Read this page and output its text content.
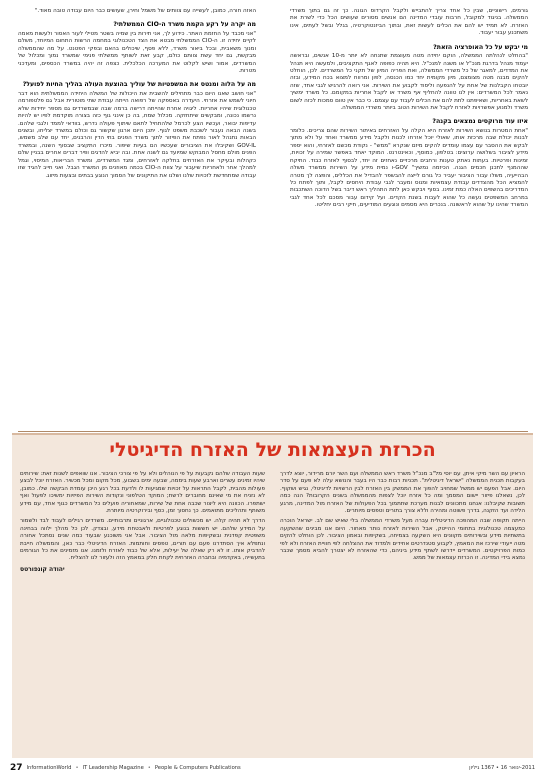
גורמים, רישוניים, שבין כל אחד צריך להתבייש ולקבל הקרדוס הגונה. כך זה גם בתוך משרדי הממשלה. בניגוד למקובל, חרבות עובדי המדינה הם אנשים מסורים שעושים הכל כדי לשרת את האזרח. לא תמיד יש להם את הכלים לעשות זאת, ובתוך הביזנטוקרטיה, בגלל ובשל לעתים, אינו משתכנע עבור יעבוד.

מי יבקש על כל האופרציה הזאת?

"בהחלט לנהלתה הממשלה, הוקם יחידה מטה מעוצמת שתנחה לא יותר מ-10 אנשים, ובראשה יעמוד מנהל בדרגת מנכ"ל או משנה למנכ"ל. היא תהיה כפופה לאגף התקציבים, ולמעשה היא תנהל את המדדים, למאגר של כל משרדי הממשלה, ואת הפריה המיון של תקני כל המשרדים. לכן, הוחלט להקים מבנה מטה מצומצם, מיון מקומית יחד כמו הכנסה, לפון ומרווח למצוא בכח המידע, ובזה יובטחו הקבלנות של אחת על להנפעה וליסוד לקבוע את השירות. אני רואה להרגיש לגבי אחד, שזה נאמר לכל המשרדים: אין לנו טוונה להחליף אף משרד או לקבל אחריות במקומם. כל משרד ימשיך לשאת באחריות, ושאיפתנו לתת להם את הכלים לעבוד עם עצמם. כי כבר אין טוום סמכות לכזה לשום משרד ולמנוע אפשרויות לאזרח לקבל את השירות הטוב ביותר משרדי הממשלה.

איזו עוד מרוקסים נמצאים בקנה?

"אחת המטרות בנושא השירות לאזרח היא הקלה על האזרחים באיתור השירות שהם צריכים. כלומר לבנות יכולת שבה מרכזת אותו, שאולי יוכל אזרחו לכנות ולקבל מידע ממשרד ואחד על ולא מתוך לבקש את ההסבר עם עצמו עומדים להקים מיזם שנקרא "ממש" - נקודת מכשם לאזרחי, והוא יספר מידע לציבור בשלושה ערוצים: בטלפון, כמוסף, וכאינטרנט. המוקד יאחד באפשר שמירה על זכויות, זמינות ופרטיות. בעתות נאתק טענות ורחבים מרכזיים נאחזים זה יחד, לבסוף לאזרח כבוד. התיקח שההמנף לתכנן חכמים הגנה. הכיזמה נמשיך" GOV-ו נמית מידע על השירות ממשרד משלה הבהייעיה, משלו עבור הציבור יעביר כל גורם לייצה להבשפר להבדיל את הכללים, והפצה לך מטרה להמציא הכל מהצדדים עבודת עצמאיות ומנוס ומעבר לגבי עבודת היחסים לקבל, ותוך לפתח כל המדריכים בהשפים האלה כמת זמינו. בסוף ויבקש כאן לתת התהליך ראש דיבר בשל הדוכה השתכבות במרחב המשפטים נעשה כל שהוא לעבות בשנת הקדים. ועל קידום עבור מסכם לכל אחד לגבי המשרד שהינו על שהוא לראשונה. בנכרים היא מסמים ונוגעים המודיעים, חיקי רבים יחליטו.

האזה חורה, כמובן, לעשייה עם צוותים של משמל וחירן, שעושים כבר היום עבודה טובה מאוד."

מה יקרה על רקע הקמת משרד ה-CIO הממשלתי?

"אני מכבד על החזמת האתר. כידוע לך, אני תירות בין שמיה בשטר מטילי לעור האסור ולעשות מאמה לקיים יחידה זו. ה-CIO הממשלתי מבטא את הצד הטכנולוגי במחמה הרשות התחום המיוחד, משלם ומנוך משאבית, ובכל ביאור משרד, ללא פסף, שיכולים בהאם ובפקי הפטנט. על מה שהממשלה מבקשת, גם יחד עשת צוותם כולם, קבע זאת לשותף ממשלתי פנימי שמשרד נמוך ומכלול של המשרדים, אמור ושיש לקלוט את המערכה הכלכלית. כצפה זה יהיה במשרד הכספים, ומעדכני מטרות.

מה על הלוה ומנטס את המשפטיות של עוליך בהוצעת העולה בהליך החיות לפועל?

"אני חושב שאנו היום כבר מתחילים להשבית את היכולות של המשלה היחידה הממשלתית הוא דבר חיוני לשמש את אזרחי. היעדרה באספקה של רפואה הייתה עבודת שתי מוטורית אבל גם פלטפורמה טכנולוגית שיהיו אחריות. ליגויה אחרת שהייתה דרישה ברמה שבה שבמשרדים גם מספר יחידות שלא נרשמו נכונה, ומבקשים שיתחזקה. מכלול שמח, בה כן אינני גוף כזה בצורה מוקדמת לפיו יש להיות עדיפות יבואר, ועכשיו הצע לכרמל שלהתחיל לתאם שיתוף פעולה נדרש, בוודאי לממד ולגבי שלהם. בשנה הבאה נעבור לשכבת משפט לגוף. יתכן היום ארגון שקשור גם וכולם במשרד יצליחו, ובשנים הבאות נתנהל לאור נפתח את הפיזור לתוך משרד הפנים בתי הדין והרבנים, יחד עם שלב משמש, GOV-IL ושקיבלו את הציבורים שעכשיו הם בעיות שיפור. מיכרו התקציב שבסוף השנה, ובמשרד הפנים מולם מחסל המבוקש שמיועד גם לשנה אחת. ובה יביא להדגים ופיר דברים אחרים בבניין שלם כקהלות ובעיקר את האזרחים בחלקה לאזרחים, ומגד המשרדים, ומשרד הבריאות, המיסוי, וגמל למהלך אחר ולאחריות שיעבור על צוות ה-CIO בכמה מאוזנים מן המשרד הגבל. ואני חייב להגיד שזו עבודה שמתחדשת לזכויות שלנו ושלנו את התיקונים של הסמוך הנוגע בבתים ובצעות מיזוג.

הכרזת העצמאות של האזרח הדיגיטלי

הראיון עם השר מיקי איתן, עם יוסי מל"ב מנכ"ל משרד ראש הממשלה ועם השר יורם מרידור, יוצא לדרך בעקבות תכנית הממשלה "ישראל דיגיטלית". תכניות רבות כבר היו בעבר והנושא עלה לא פעם על סדר היום. אבל הפעם יש ממשל שמחויב להפוך את הממשק בין האזרח לבין הרשויות לדיגיטלי, נגיש ושקוף. לכן, נשאלנו פיזור יישום המסמך ומה כל אזרח יוכל לצפות מהממשלה בשנים הקרובות? הנה כמה תשובות שקיבלנו: אנחנו מתכוונים לבנות מערכת שתתמוך בכל הפעולות של האזרח מול המדינה, מרגע הלידה ועד הזקנה, בדרך פשוטה ומהירה וללא צורך בתורים וטפסים מיותרים.

הייתה תקופה שבה המהפכה הדיגיטלית עברה מעל משרדי הממשלה בלי שאיש שם לב. ישראל הוכרה כמעצמה טכנולוגית בתחומי ההייטק, אבל השירות לאזרח נותר מאחור. היום אנו מבינים שהשקעה בתשתיות מידע ובשירותים מקוונים היא השקעה בצמיחה, בשקיפות ובאמון הציבור. לכן הוחלט להקים מטה ייעודי שירכז את המאמץ, לקבוע סטנדרטים אחידים ולמדוד את ההצלחה לפי חוויית האזרח ולא לפי כמות הפרויקטים. המשרדים יידרשו לשתף מידע ביניהם, כדי שהאזרח לא יצטרך להביא מסמך שכבר נמצא בידי המדינה. זו הכרזת עצמאות של ממש.

שעות העבודה שלהם נקבעות על פי הנוהלים ולא על פי צורכי הציבור. אנו שואפים לשנות זאת: שירותים שיהיו זמינים עשרים וארבע שעות ביממה, שבעה ימים בשבוע, מכל מקום ומכל מכשיר. האזרח יוכל לבצע פעולות מהבית, לקבל התראות על זכויות שמגיעות לו ולדעת בכל רגע היכן עומדת הבקשה שלו. כמובן, לא נזניח את מי שאינם מחוברים לרשת; המוקד הטלפוני ונקודות השירות הפיזיות ימשיכו לפעול ואף ישתפרו. הכוונה היא ליצור שכבה אחת של שירות, שמאחוריה פועלים כל המשרדים כגוף אחד, עם מידע משותף ותהליכים מתואמים. כך נחסוך זמן, כסף ובירוקרטיה מיותרת.

הדרך לא תהיה קלה. יש מכשולים טכנולוגיים, ארגוניים ותרבותיים. משרדים רגילים לעבוד לבד ולשמור על המידע שלהם. יש חששות בנוגע לפרטיות ולאבטחת מידע, ובצדק. לכן כל מהלך ילווה בבחינה משפטית קפדנית ובשקיפות מלאה מול הציבור. אבל אני משוכנע שבעוד כמה שנים נסתכל אחורה ונתפלא איך הסתדרנו פעם עם תורים, טפסים וחותמות. האזרח הדיגיטלי כבר כאן, והממשלה חייבת להדביק אותו. זו לא רק שאלה של יעילות, אלא של כבוד לאזרח ולזמנו. אנו מזמינים את כל הגורמים בתעשייה, באקדמיה ובחברה האזרחית לקחת חלק במאמץ הזה ולעזור לנו להצליח.

יהודה קונפורטס
27 InformationWorld • IT Leadership Magazine • People & Computers Publications	2011-ינואר 16 • 1367 גיליון
